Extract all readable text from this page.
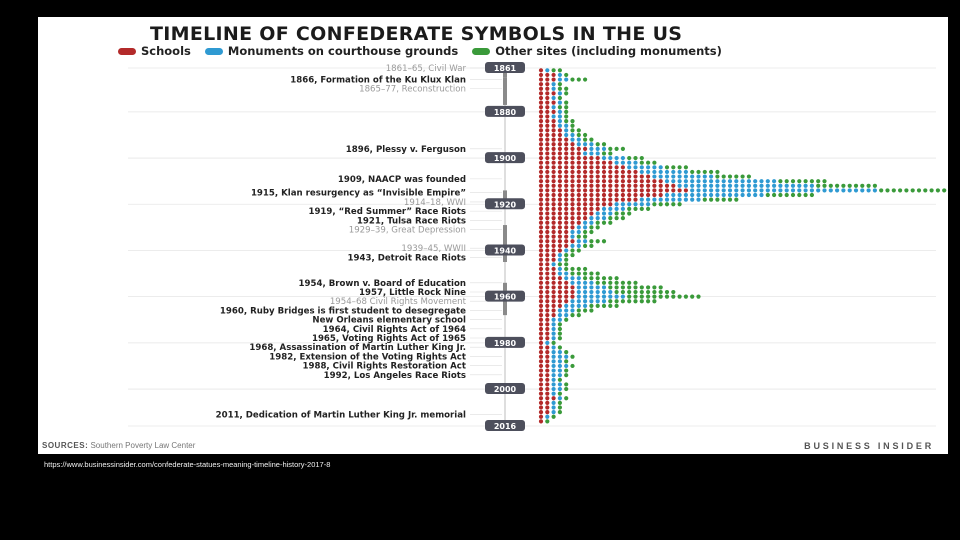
TIMELINE OF CONFEDERATE SYMBOLS IN THE US
Schools	Monuments on courthouse grounds	Other sites (including monuments)
1861–65, Civil War
1866, Formation of the Ku Klux Klan
1865–77, Reconstruction
1896, Plessy v. Ferguson
1909, NAACP was founded
1915, Klan resurgency as “Invisible Empire”
1914–18, WWI
1919, “Red Summer” Race Riots
1921, Tulsa Race Riots
1929–39, Great Depression
1939–45, WWII
1943, Detroit Race Riots
1954, Brown v. Board of Education
1957, Little Rock Nine
1954–68 Civil Rights Movement
1960, Ruby Bridges is first student to desegregate
New Orleans elementary school
1964, Civil Rights Act of 1964
1965, Voting Rights Act of 1965
1968, Assassination of Martin Luther King Jr.
1982, Extension of the Voting Rights Act
1988, Civil Rights Restoration Act
1992, Los Angeles Race Riots
2011, Dedication of Martin Luther King Jr. memorial
1861
1880
1900
1920
1940
1960
1980
2000
2016
SOURCES: Southern Poverty Law Center	BUSINESS INSIDER
https://www.businessinsider.com/confederate-statues-meaning-timeline-history-2017-8
